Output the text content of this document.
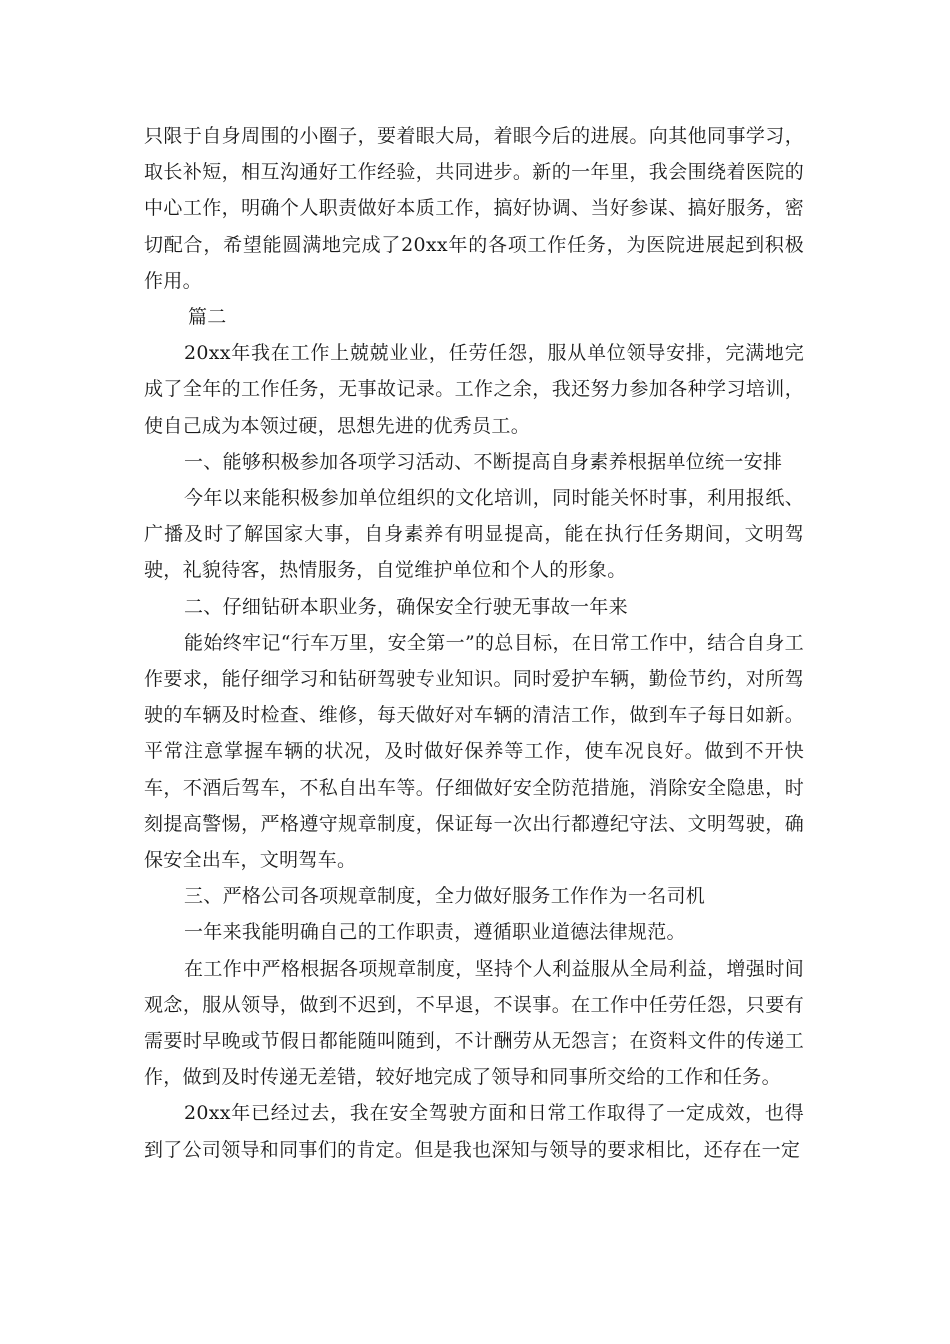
只限于自身周围的小圈子，要着眼大局，着眼今后的进展。向其他同事学习，取长补短，相互沟通好工作经验，共同进步。新的一年里，我会围绕着医院的中心工作，明确个人职责做好本质工作，搞好协调、当好参谋、搞好服务，密切配合，希望能圆满地完成了20xx年的各项工作任务，为医院进展起到积极作用。

篇二

20xx年我在工作上兢兢业业，任劳任怨，服从单位领导安排，完满地完成了全年的工作任务，无事故记录。工作之余，我还努力参加各种学习培训，使自己成为本领过硬，思想先进的优秀员工。

一、能够积极参加各项学习活动、不断提高自身素养根据单位统一安排

今年以来能积极参加单位组织的文化培训，同时能关怀时事，利用报纸、广播及时了解国家大事，自身素养有明显提高，能在执行任务期间，文明驾驶，礼貌待客，热情服务，自觉维护单位和个人的形象。

二、仔细钻研本职业务，确保安全行驶无事故一年来

能始终牢记“行车万里，安全第一”的总目标，在日常工作中，结合自身工作要求，能仔细学习和钻研驾驶专业知识。同时爱护车辆，勤俭节约，对所驾驶的车辆及时检查、维修，每天做好对车辆的清洁工作，做到车子每日如新。平常注意掌握车辆的状况，及时做好保养等工作，使车况良好。做到不开快车，不酒后驾车，不私自出车等。仔细做好安全防范措施，消除安全隐患，时刻提高警惕，严格遵守规章制度，保证每一次出行都遵纪守法、文明驾驶，确保安全出车，文明驾车。

三、严格公司各项规章制度，全力做好服务工作作为一名司机

一年来我能明确自己的工作职责，遵循职业道德法律规范。

在工作中严格根据各项规章制度，坚持个人利益服从全局利益，增强时间观念，服从领导，做到不迟到，不早退，不误事。在工作中任劳任怨，只要有需要时早晚或节假日都能随叫随到，不计酬劳从无怨言；在资料文件的传递工作，做到及时传递无差错，较好地完成了领导和同事所交给的工作和任务。

20xx年已经过去，我在安全驾驶方面和日常工作取得了一定成效，也得到了公司领导和同事们的肯定。但是我也深知与领导的要求相比，还存在一定
